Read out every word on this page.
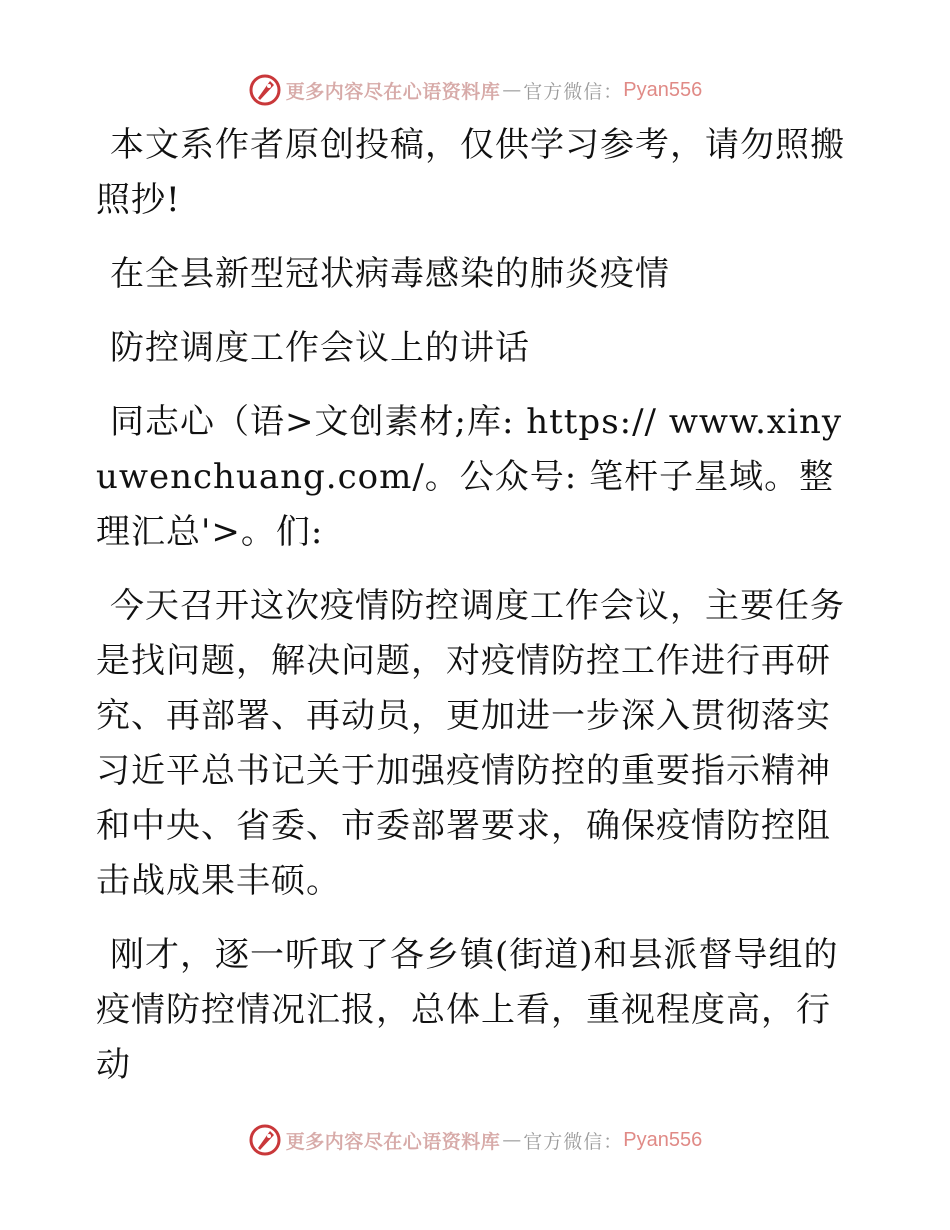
更多内容尽在心语资料库 — 官方微信： Pyan556

本文系作者原创投稿，仅供学习参考，请勿照搬照抄!

在全县新型冠状病毒感染的肺炎疫情

防控调度工作会议上的讲话

同志心（语>文创素材;库: https:// www.xinyuwenchuang.com/。公众号: 笔杆子星域。整理汇总'>。们:

今天召开这次疫情防控调度工作会议，主要任务是找问题，解决问题，对疫情防控工作进行再研究、再部署、再动员，更加进一步深入贯彻落实习近平总书记关于加强疫情防控的重要指示精神和中央、省委、市委部署要求，确保疫情防控阻击战成果丰硕。

刚才，逐一听取了各乡镇(街道)和县派督导组的疫情防控情况汇报，总体上看，重视程度高，行动

更多内容尽在心语资料库 — 官方微信： Pyan556
